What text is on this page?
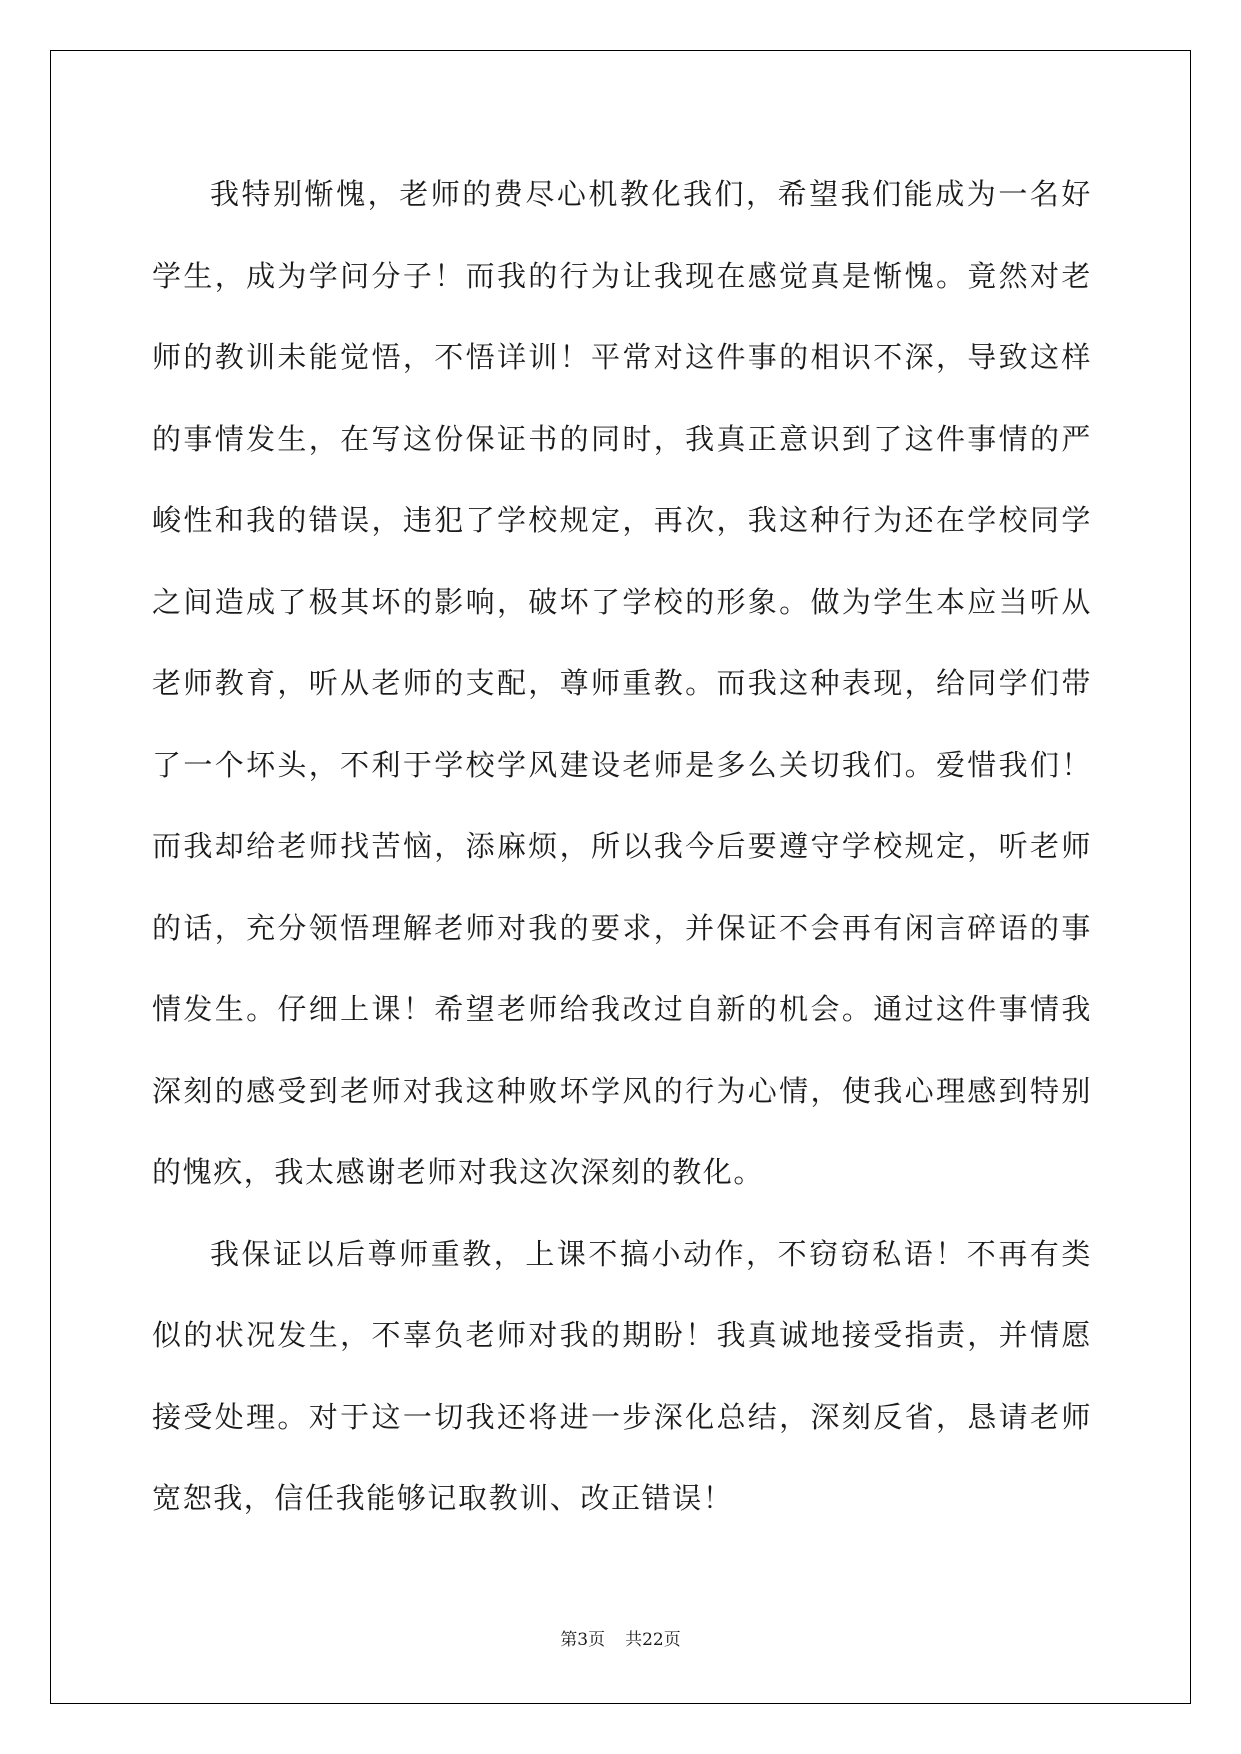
我特别惭愧，老师的费尽心机教化我们，希望我们能成为一名好学生，成为学问分子！而我的行为让我现在感觉真是惭愧。竟然对老师的教训未能觉悟，不悟详训！平常对这件事的相识不深，导致这样的事情发生，在写这份保证书的同时，我真正意识到了这件事情的严峻性和我的错误，违犯了学校规定，再次，我这种行为还在学校同学之间造成了极其坏的影响，破坏了学校的形象。做为学生本应当听从老师教育，听从老师的支配，尊师重教。而我这种表现，给同学们带了一个坏头，不利于学校学风建设老师是多么关切我们。爱惜我们！而我却给老师找苦恼，添麻烦，所以我今后要遵守学校规定，听老师的话，充分领悟理解老师对我的要求，并保证不会再有闲言碎语的事情发生。仔细上课！希望老师给我改过自新的机会。通过这件事情我深刻的感受到老师对我这种败坏学风的行为心情，使我心理感到特别的愧疚，我太感谢老师对我这次深刻的教化。

我保证以后尊师重教，上课不搞小动作，不窃窃私语！不再有类似的状况发生，不辜负老师对我的期盼！我真诚地接受指责，并情愿接受处理。对于这一切我还将进一步深化总结，深刻反省，恳请老师宽恕我，信任我能够记取教训、改正错误！

第3页 共22页
